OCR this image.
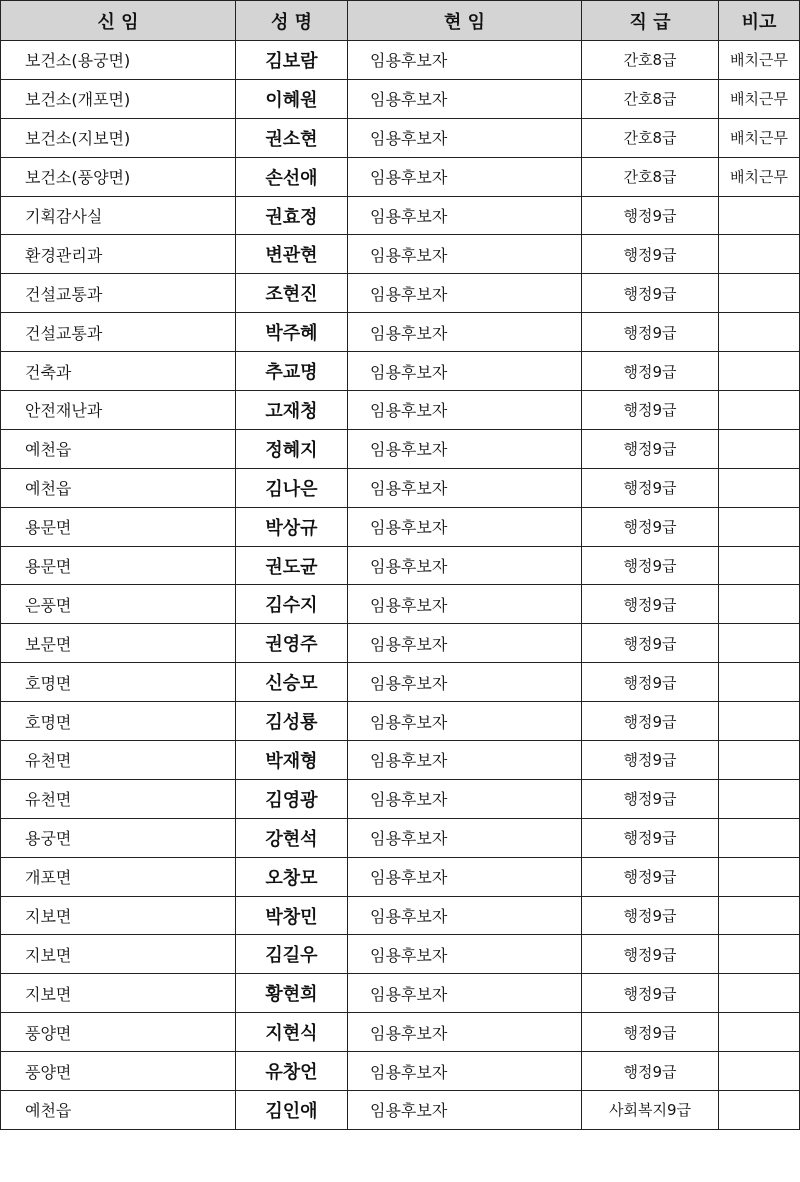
신 임	성 명	현 임	직 급	비고
보건소(용궁면)	김보람	임용후보자	간호8급	배치근무
보건소(개포면)	이혜원	임용후보자	간호8급	배치근무
보건소(지보면)	권소현	임용후보자	간호8급	배치근무
보건소(풍양면)	손선애	임용후보자	간호8급	배치근무
기획감사실	권효정	임용후보자	행정9급	
환경관리과	변관현	임용후보자	행정9급	
건설교통과	조현진	임용후보자	행정9급	
건설교통과	박주혜	임용후보자	행정9급	
건축과	추교명	임용후보자	행정9급	
안전재난과	고재청	임용후보자	행정9급	
예천읍	정혜지	임용후보자	행정9급	
예천읍	김나은	임용후보자	행정9급	
용문면	박상규	임용후보자	행정9급	
용문면	권도균	임용후보자	행정9급	
은풍면	김수지	임용후보자	행정9급	
보문면	권영주	임용후보자	행정9급	
호명면	신승모	임용후보자	행정9급	
호명면	김성룡	임용후보자	행정9급	
유천면	박재형	임용후보자	행정9급	
유천면	김영광	임용후보자	행정9급	
용궁면	강현석	임용후보자	행정9급	
개포면	오창모	임용후보자	행정9급	
지보면	박창민	임용후보자	행정9급	
지보면	김길우	임용후보자	행정9급	
지보면	황현희	임용후보자	행정9급	
풍양면	지현식	임용후보자	행정9급	
풍양면	유창언	임용후보자	행정9급	
예천읍	김인애	임용후보자	사회복지9급	
